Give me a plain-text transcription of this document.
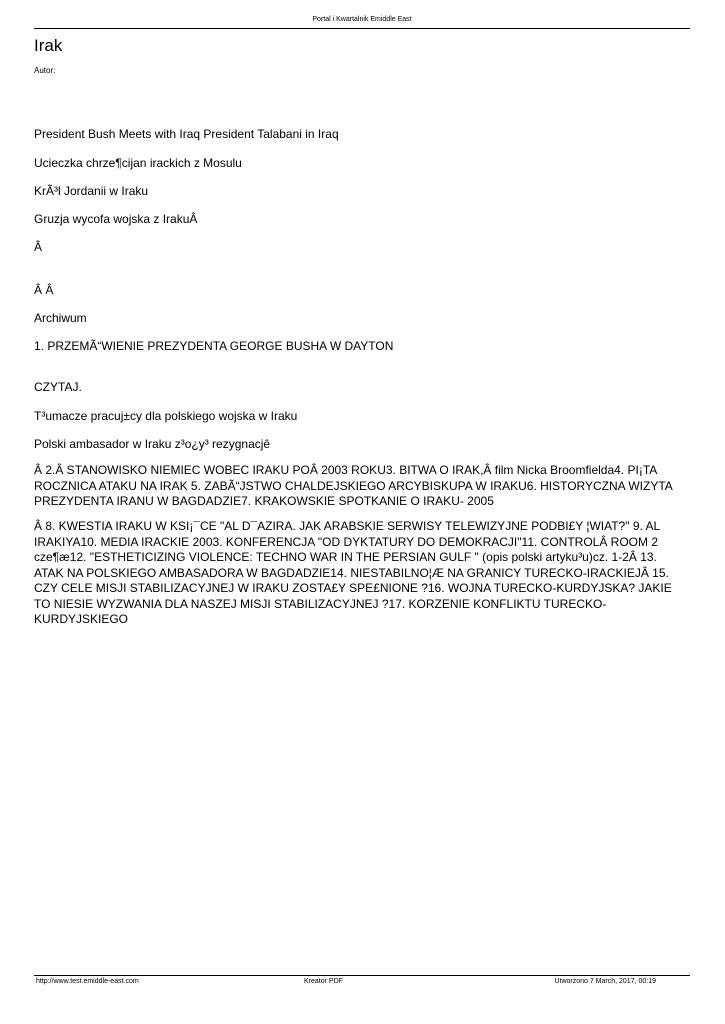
Portal i Kwartalnik Emiddle East
Irak
Autor:
President Bush Meets with Iraq President Talabani in Iraq
Ucieczka chrze¶cijan irackich z Mosulu
KrÃ³l Jordanii w Iraku
Gruzja wycofa wojska z IrakuÂ
Â
Â Â
Archiwum
1. PRZEMÃ“WIENIE PREZYDENTA GEORGE BUSHA W DAYTON
CZYTAJ.
T³umacze pracuj±cy dla polskiego wojska w Iraku
Polski ambasador w Iraku z³o¿y³ rezygnacjê
Â 2.Â STANOWISKO NIEMIEC WOBEC IRAKU POÂ 2003 ROKU3. BITWA O IRAK,Â film Nicka Broomfielda4. PI¡TA ROCZNICA ATAKU NA IRAK 5. ZABÃ“JSTWO CHALDEJSKIEGO ARCYBISKUPA W IRAKU6. HISTORYCZNA WIZYTA PREZYDENTA IRANU W BAGDADZIE7. KRAKOWSKIE SPOTKANIE O IRAKU- 2005
Â 8. KWESTIA IRAKU W KSI¡¯CE "AL D¯AZIRA. JAK ARABSKIE SERWISY TELEWIZYJNE PODBI£Y ¦WIAT?" 9. AL IRAKIYA10. MEDIA IRACKIE 2003. KONFERENCJA "OD DYKTATURY DO DEMOKRACJI"11. CONTROLÂ ROOM 2 cze¶æ12. "ESTHETICIZING VIOLENCE: TECHNO WAR IN THE PERSIAN GULF " (opis polski artyku³u)cz. 1-2Â 13. ATAK NA POLSKIEGO AMBASADORA W BAGDADZIE14. NIESTABILNO¦Æ NA GRANICY TURECKO-IRACKIEJÂ 15. CZY CELE MISJI STABILIZACYJNEJ W IRAKU ZOSTA£Y SPE£NIONE ?16. WOJNA TURECKO-KURDYJSKA? JAKIE TO NIESIE WYZWANIA DLA NASZEJ MISJI STABILIZACYJNEJ ?17. KORZENIE KONFLIKTU TURECKO-KURDYJSKIEGO
http://www.test.emiddle-east.com	Kreator PDF	Utworzono 7 March, 2017, 00:19
